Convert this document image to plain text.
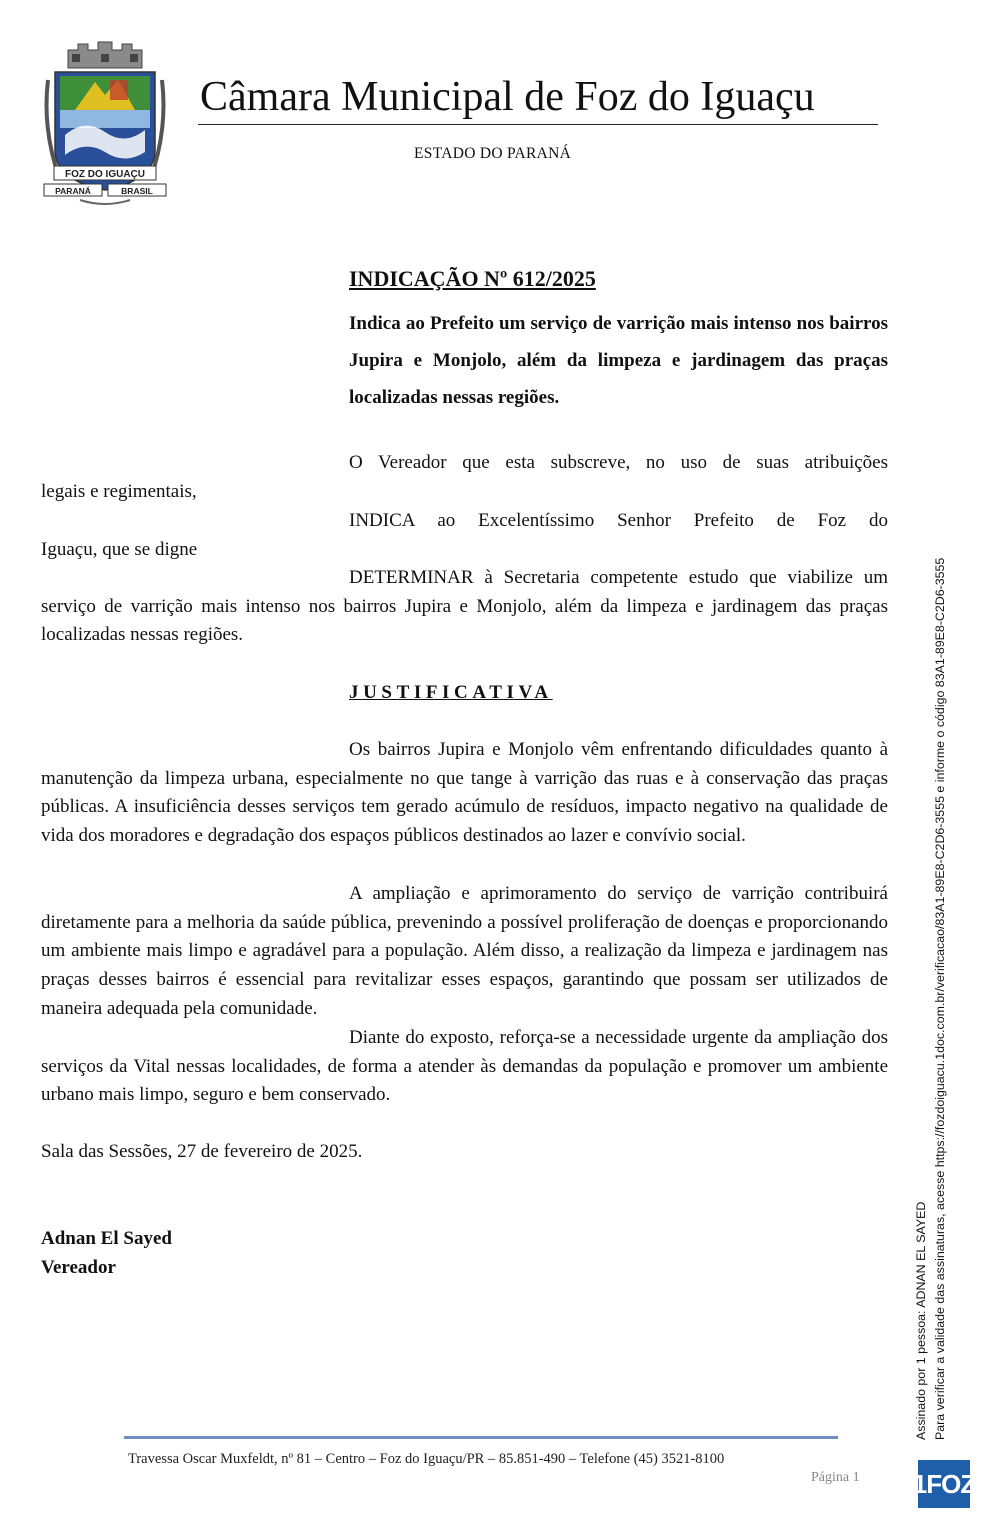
FOZ DO IGUAÇU
PARANÁ	BRASIL
Câmara Municipal de Foz do Iguaçu
ESTADO DO PARANÁ
INDICAÇÃO Nº 612/2025
Indica ao Prefeito um serviço de varrição mais intenso nos bairros Jupira e Monjolo, além da limpeza e jardinagem das praças localizadas nessas regiões.
O Vereador que esta subscreve, no uso de suas atribuições
legais e regimentais,
INDICA ao Excelentíssimo Senhor Prefeito de Foz do
Iguaçu, que se digne
DETERMINAR à Secretaria competente estudo que viabilize um serviço de varrição mais intenso nos bairros Jupira e Monjolo, além da limpeza e jardinagem das praças localizadas nessas regiões.
JUSTIFICATIVA
Os bairros Jupira e Monjolo vêm enfrentando dificuldades quanto à manutenção da limpeza urbana, especialmente no que tange à varrição das ruas e à conservação das praças públicas. A insuficiência desses serviços tem gerado acúmulo de resíduos, impacto negativo na qualidade de vida dos moradores e degradação dos espaços públicos destinados ao lazer e convívio social.
A ampliação e aprimoramento do serviço de varrição contribuirá diretamente para a melhoria da saúde pública, prevenindo a possível proliferação de doenças e proporcionando um ambiente mais limpo e agradável para a população. Além disso, a realização da limpeza e jardinagem nas praças desses bairros é essencial para revitalizar esses espaços, garantindo que possam ser utilizados de maneira adequada pela comunidade.
Diante do exposto, reforça-se a necessidade urgente da ampliação dos serviços da Vital nessas localidades, de forma a atender às demandas da população e promover um ambiente urbano mais limpo, seguro e bem conservado.
Sala das Sessões, 27 de fevereiro de 2025.
Adnan El Sayed
Vereador	Assinado por 1 pessoa: ADNAN EL SAYED Para verificar a validade das assinaturas, acesse https://fozdoiguacu.1doc.com.br/verificacao/83A1-89E8-C2D6-3555 e informe o código 83A1-89E8-C2D6-3555
Travessa Oscar Muxfeldt, nº 81 – Centro – Foz do Iguaçu/PR – 85.851-490 – Telefone (45) 3521-8100
Página 1 1FOZ
